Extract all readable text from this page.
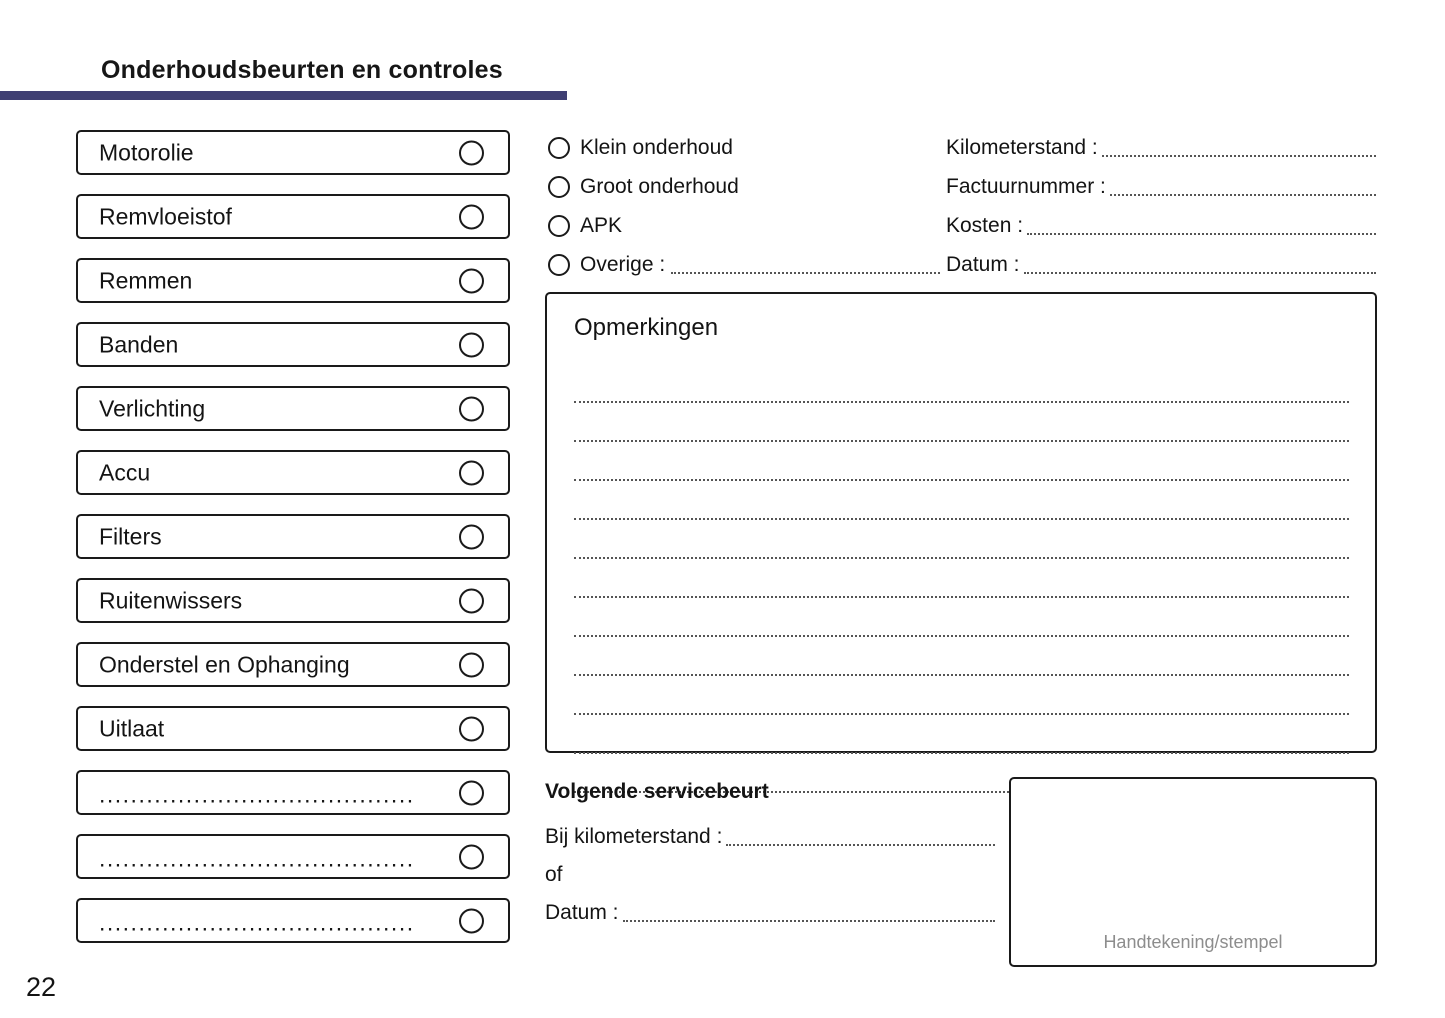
Onderhoudsbeurten en controles
Motorolie
Remvloeistof
Remmen
Banden
Verlichting
Accu
Filters
Ruitenwissers
Onderstel en Ophanging
Uitlaat
........................................
........................................
........................................
Klein onderhoud
Groot onderhoud
APK
Overige :
Kilometerstand :
Factuurnummer :
Kosten :
Datum :
Opmerkingen
Volgende servicebeurt
Bij kilometerstand :
of
Datum :
Handtekening/stempel
22
